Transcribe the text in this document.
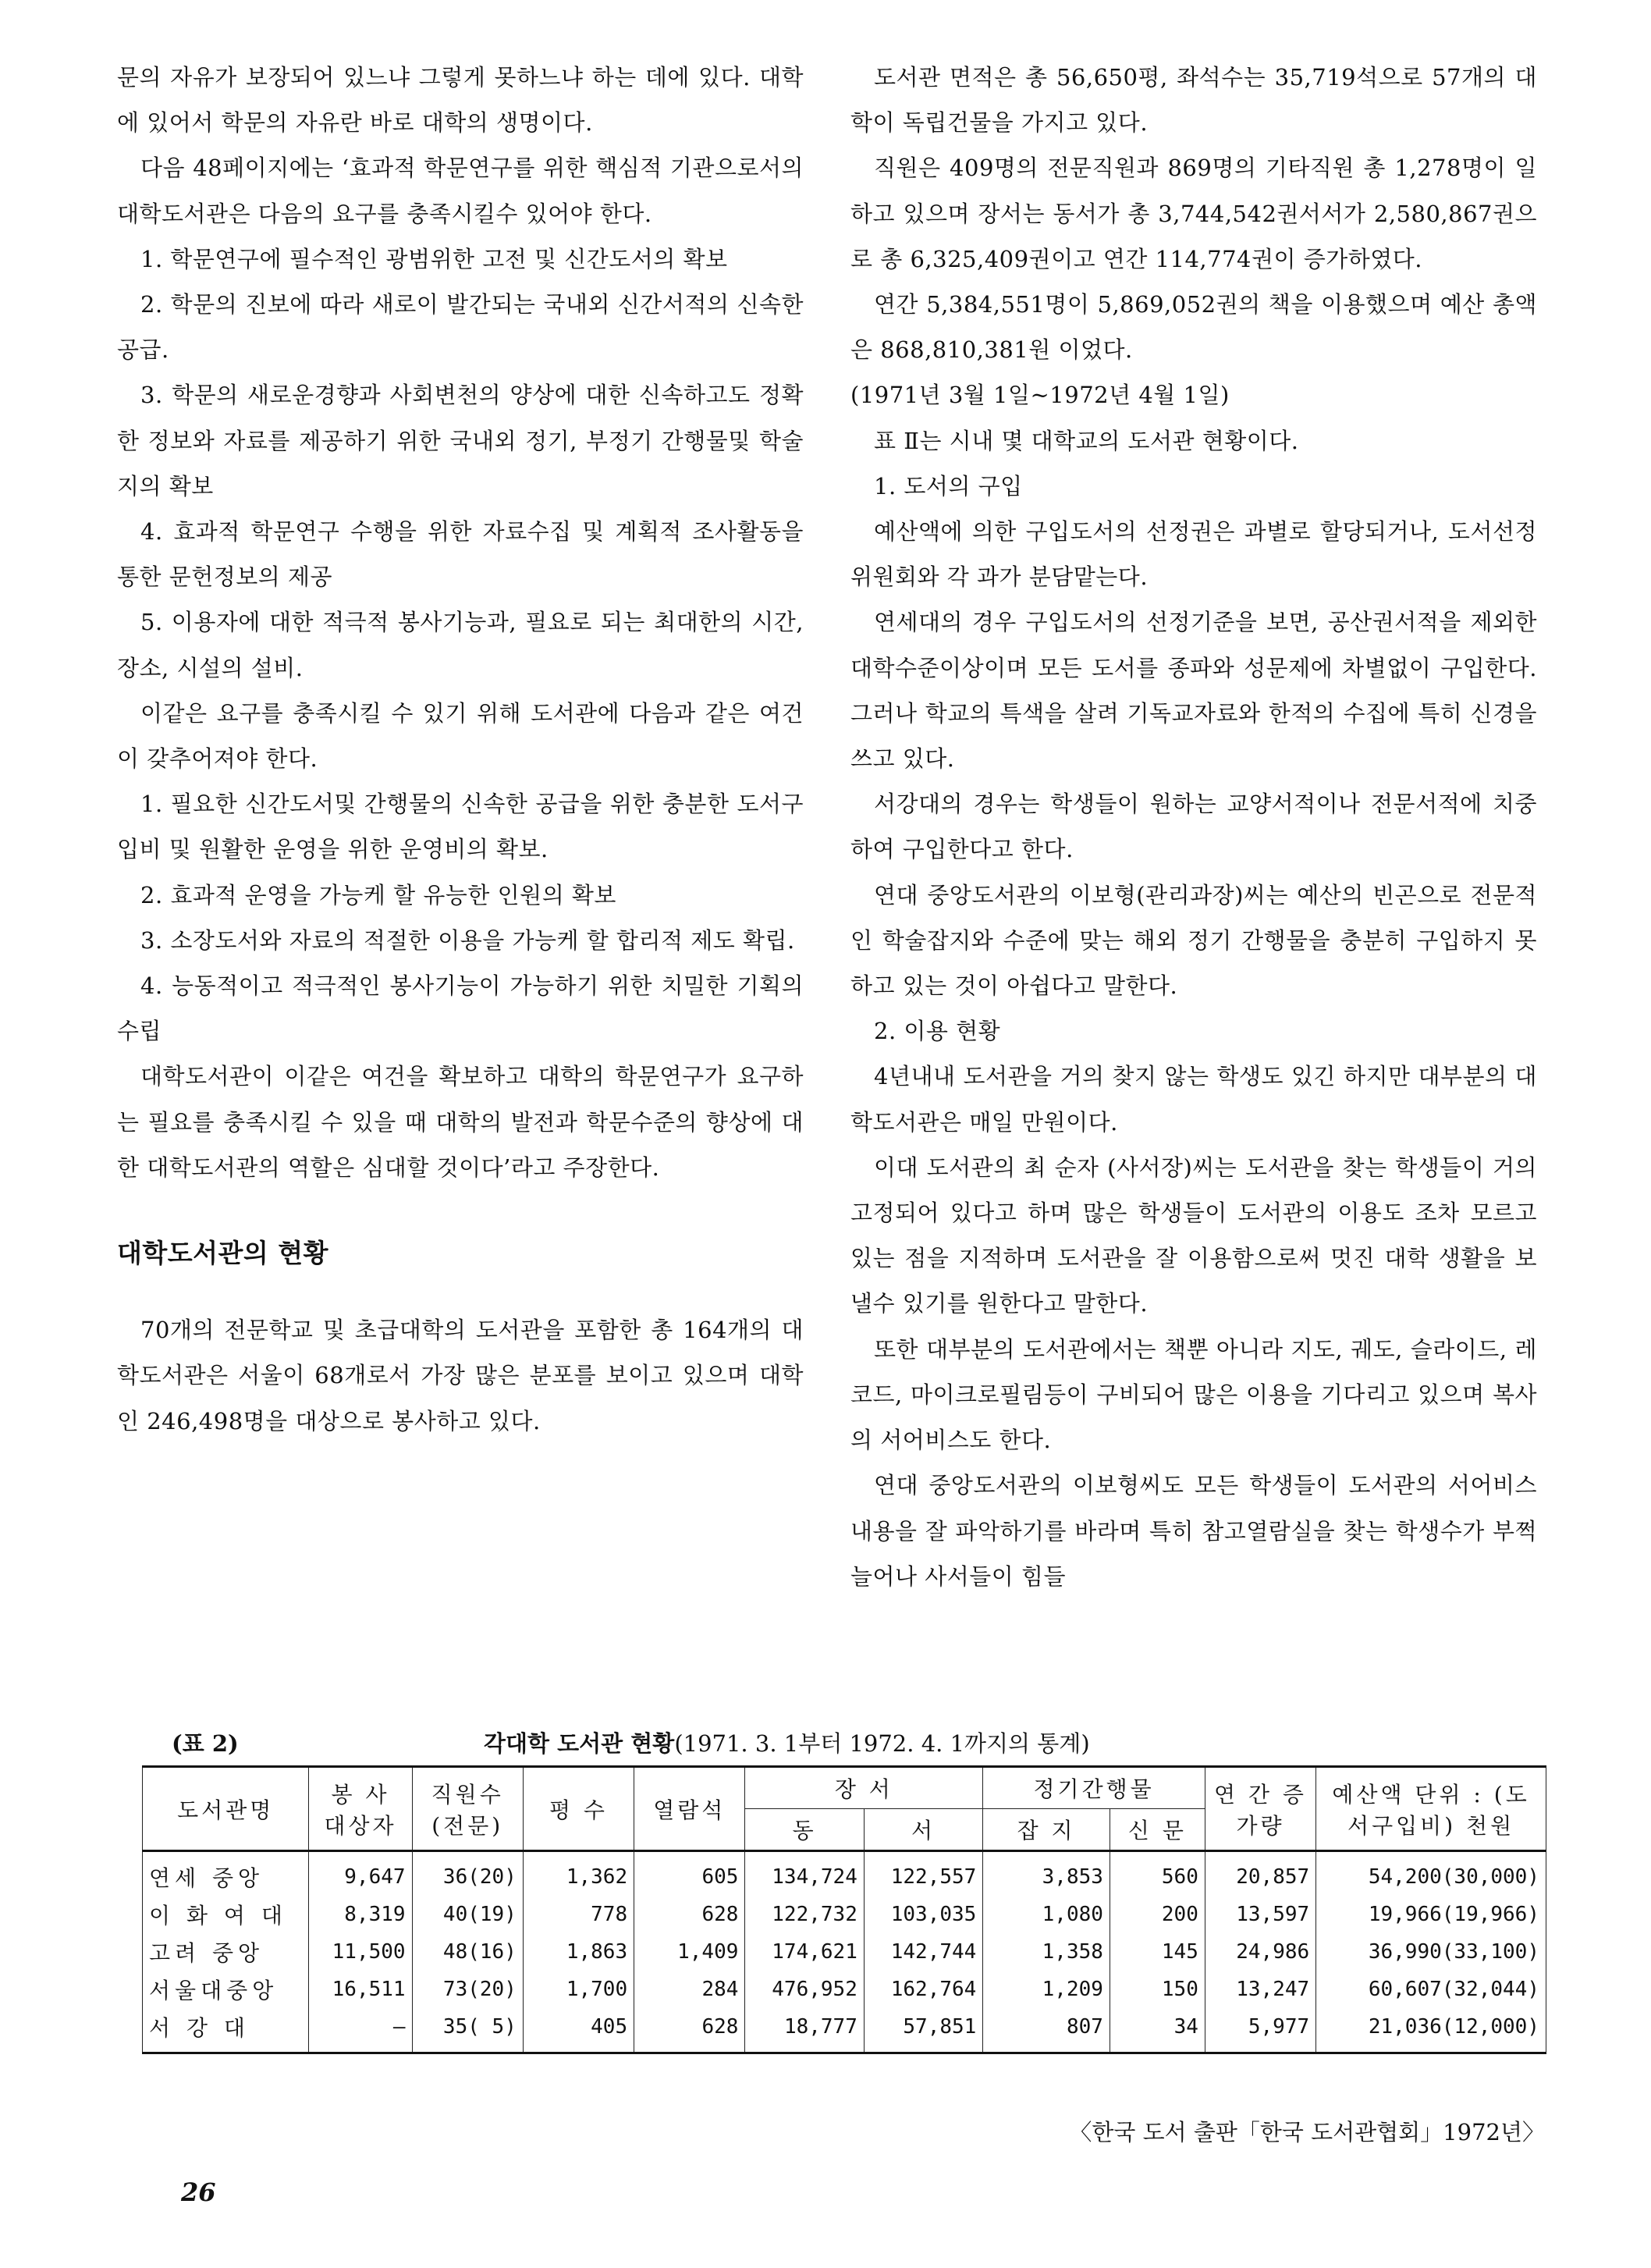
문의 자유가 보장되어 있느냐 그렇게 못하느냐 하는 데에 있다. 대학에 있어서 학문의 자유란 바로 대학의 생명이다.

다음 48페이지에는 ‘효과적 학문연구를 위한 핵심적 기관으로서의 대학도서관은 다음의 요구를 충족시킬수 있어야 한다.

1. 학문연구에 필수적인 광범위한 고전 및 신간도서의 확보

2. 학문의 진보에 따라 새로이 발간되는 국내외 신간서적의 신속한 공급.

3. 학문의 새로운경향과 사회변천의 양상에 대한 신속하고도 정확한 정보와 자료를 제공하기 위한 국내외 정기, 부정기 간행물및 학술지의 확보

4. 효과적 학문연구 수행을 위한 자료수집 및 계획적 조사활동을 통한 문헌정보의 제공

5. 이용자에 대한 적극적 봉사기능과, 필요로 되는 최대한의 시간, 장소, 시설의 설비.

이같은 요구를 충족시킬 수 있기 위해 도서관에 다음과 같은 여건이 갖추어져야 한다.

1. 필요한 신간도서및 간행물의 신속한 공급을 위한 충분한 도서구입비 및 원활한 운영을 위한 운영비의 확보.

2. 효과적 운영을 가능케 할 유능한 인원의 확보

3. 소장도서와 자료의 적절한 이용을 가능케 할 합리적 제도 확립.

4. 능동적이고 적극적인 봉사기능이 가능하기 위한 치밀한 기획의 수립

대학도서관이 이같은 여건을 확보하고 대학의 학문연구가 요구하는 필요를 충족시킬 수 있을 때 대학의 발전과 학문수준의 향상에 대한 대학도서관의 역할은 심대할 것이다’라고 주장한다.

대학도서관의 현황

70개의 전문학교 및 초급대학의 도서관을 포함한 총 164개의 대학도서관은 서울이 68개로서 가장 많은 분포를 보이고 있으며 대학인 246,498명을 대상으로 봉사하고 있다.

도서관 면적은 총 56,650평, 좌석수는 35,719석으로 57개의 대학이 독립건물을 가지고 있다.

직원은 409명의 전문직원과 869명의 기타직원 총 1,278명이 일하고 있으며 장서는 동서가 총 3,744,542권서서가 2,580,867권으로 총 6,325,409권이고 연간 114,774권이 증가하였다.

연간 5,384,551명이 5,869,052권의 책을 이용했으며 예산 총액은 868,810,381원 이었다.

(1971년 3월 1일~1972년 4월 1일)

표 Ⅱ는 시내 몇 대학교의 도서관 현황이다.

1. 도서의 구입

예산액에 의한 구입도서의 선정권은 과별로 할당되거나, 도서선정위원회와 각 과가 분담맡는다.

연세대의 경우 구입도서의 선정기준을 보면, 공산권서적을 제외한 대학수준이상이며 모든 도서를 종파와 성문제에 차별없이 구입한다. 그러나 학교의 특색을 살려 기독교자료와 한적의 수집에 특히 신경을 쓰고 있다.

서강대의 경우는 학생들이 원하는 교양서적이나 전문서적에 치중하여 구입한다고 한다.

연대 중앙도서관의 이보형(관리과장)씨는 예산의 빈곤으로 전문적인 학술잡지와 수준에 맞는 해외 정기 간행물을 충분히 구입하지 못하고 있는 것이 아쉽다고 말한다.

2. 이용 현황

4년내내 도서관을 거의 찾지 않는 학생도 있긴 하지만 대부분의 대학도서관은 매일 만원이다.

이대 도서관의 최 순자 (사서장)씨는 도서관을 찾는 학생들이 거의 고정되어 있다고 하며 많은 학생들이 도서관의 이용도 조차 모르고 있는 점을 지적하며 도서관을 잘 이용함으로써 멋진 대학 생활을 보낼수 있기를 원한다고 말한다.

또한 대부분의 도서관에서는 책뿐 아니라 지도, 궤도, 슬라이드, 레코드, 마이크로필림등이 구비되어 많은 이용을 기다리고 있으며 복사의 서어비스도 한다.

연대 중앙도서관의 이보형씨도 모든 학생들이 도서관의 서어비스 내용을 잘 파악하기를 바라며 특히 참고열람실을 찾는 학생수가 부쩍 늘어나 사서들이 힘들

(표 2)	각대학 도서관 현황(1971. 3. 1부터 1972. 4. 1까지의 통계)
도서관명	봉 사 대상자	직원수 (전문)	평 수	열람석	장 서		정기간행물		연 간 증가량	예산액 단위 : (도서구입비) 천원
					동	서	잡 지	신 문		
연세 중앙	9,647	36(20)	1,362	605	134,724	122,557	3,853	560	20,857	54,200(30,000)
이 화 여 대	8,319	40(19)	778	628	122,732	103,035	1,080	200	13,597	19,966(19,966)
고려 중앙	11,500	48(16)	1,863	1,409	174,621	142,744	1,358	145	24,986	36,990(33,100)
서울대중앙	16,511	73(20)	1,700	284	476,952	162,764	1,209	150	13,247	60,607(32,044)
서 강 대	—	35( 5)	405	628	18,777	57,851	807	34	5,977	21,036(12,000)
〈한국 도서 출판「한국 도서관협회」1972년〉
26
